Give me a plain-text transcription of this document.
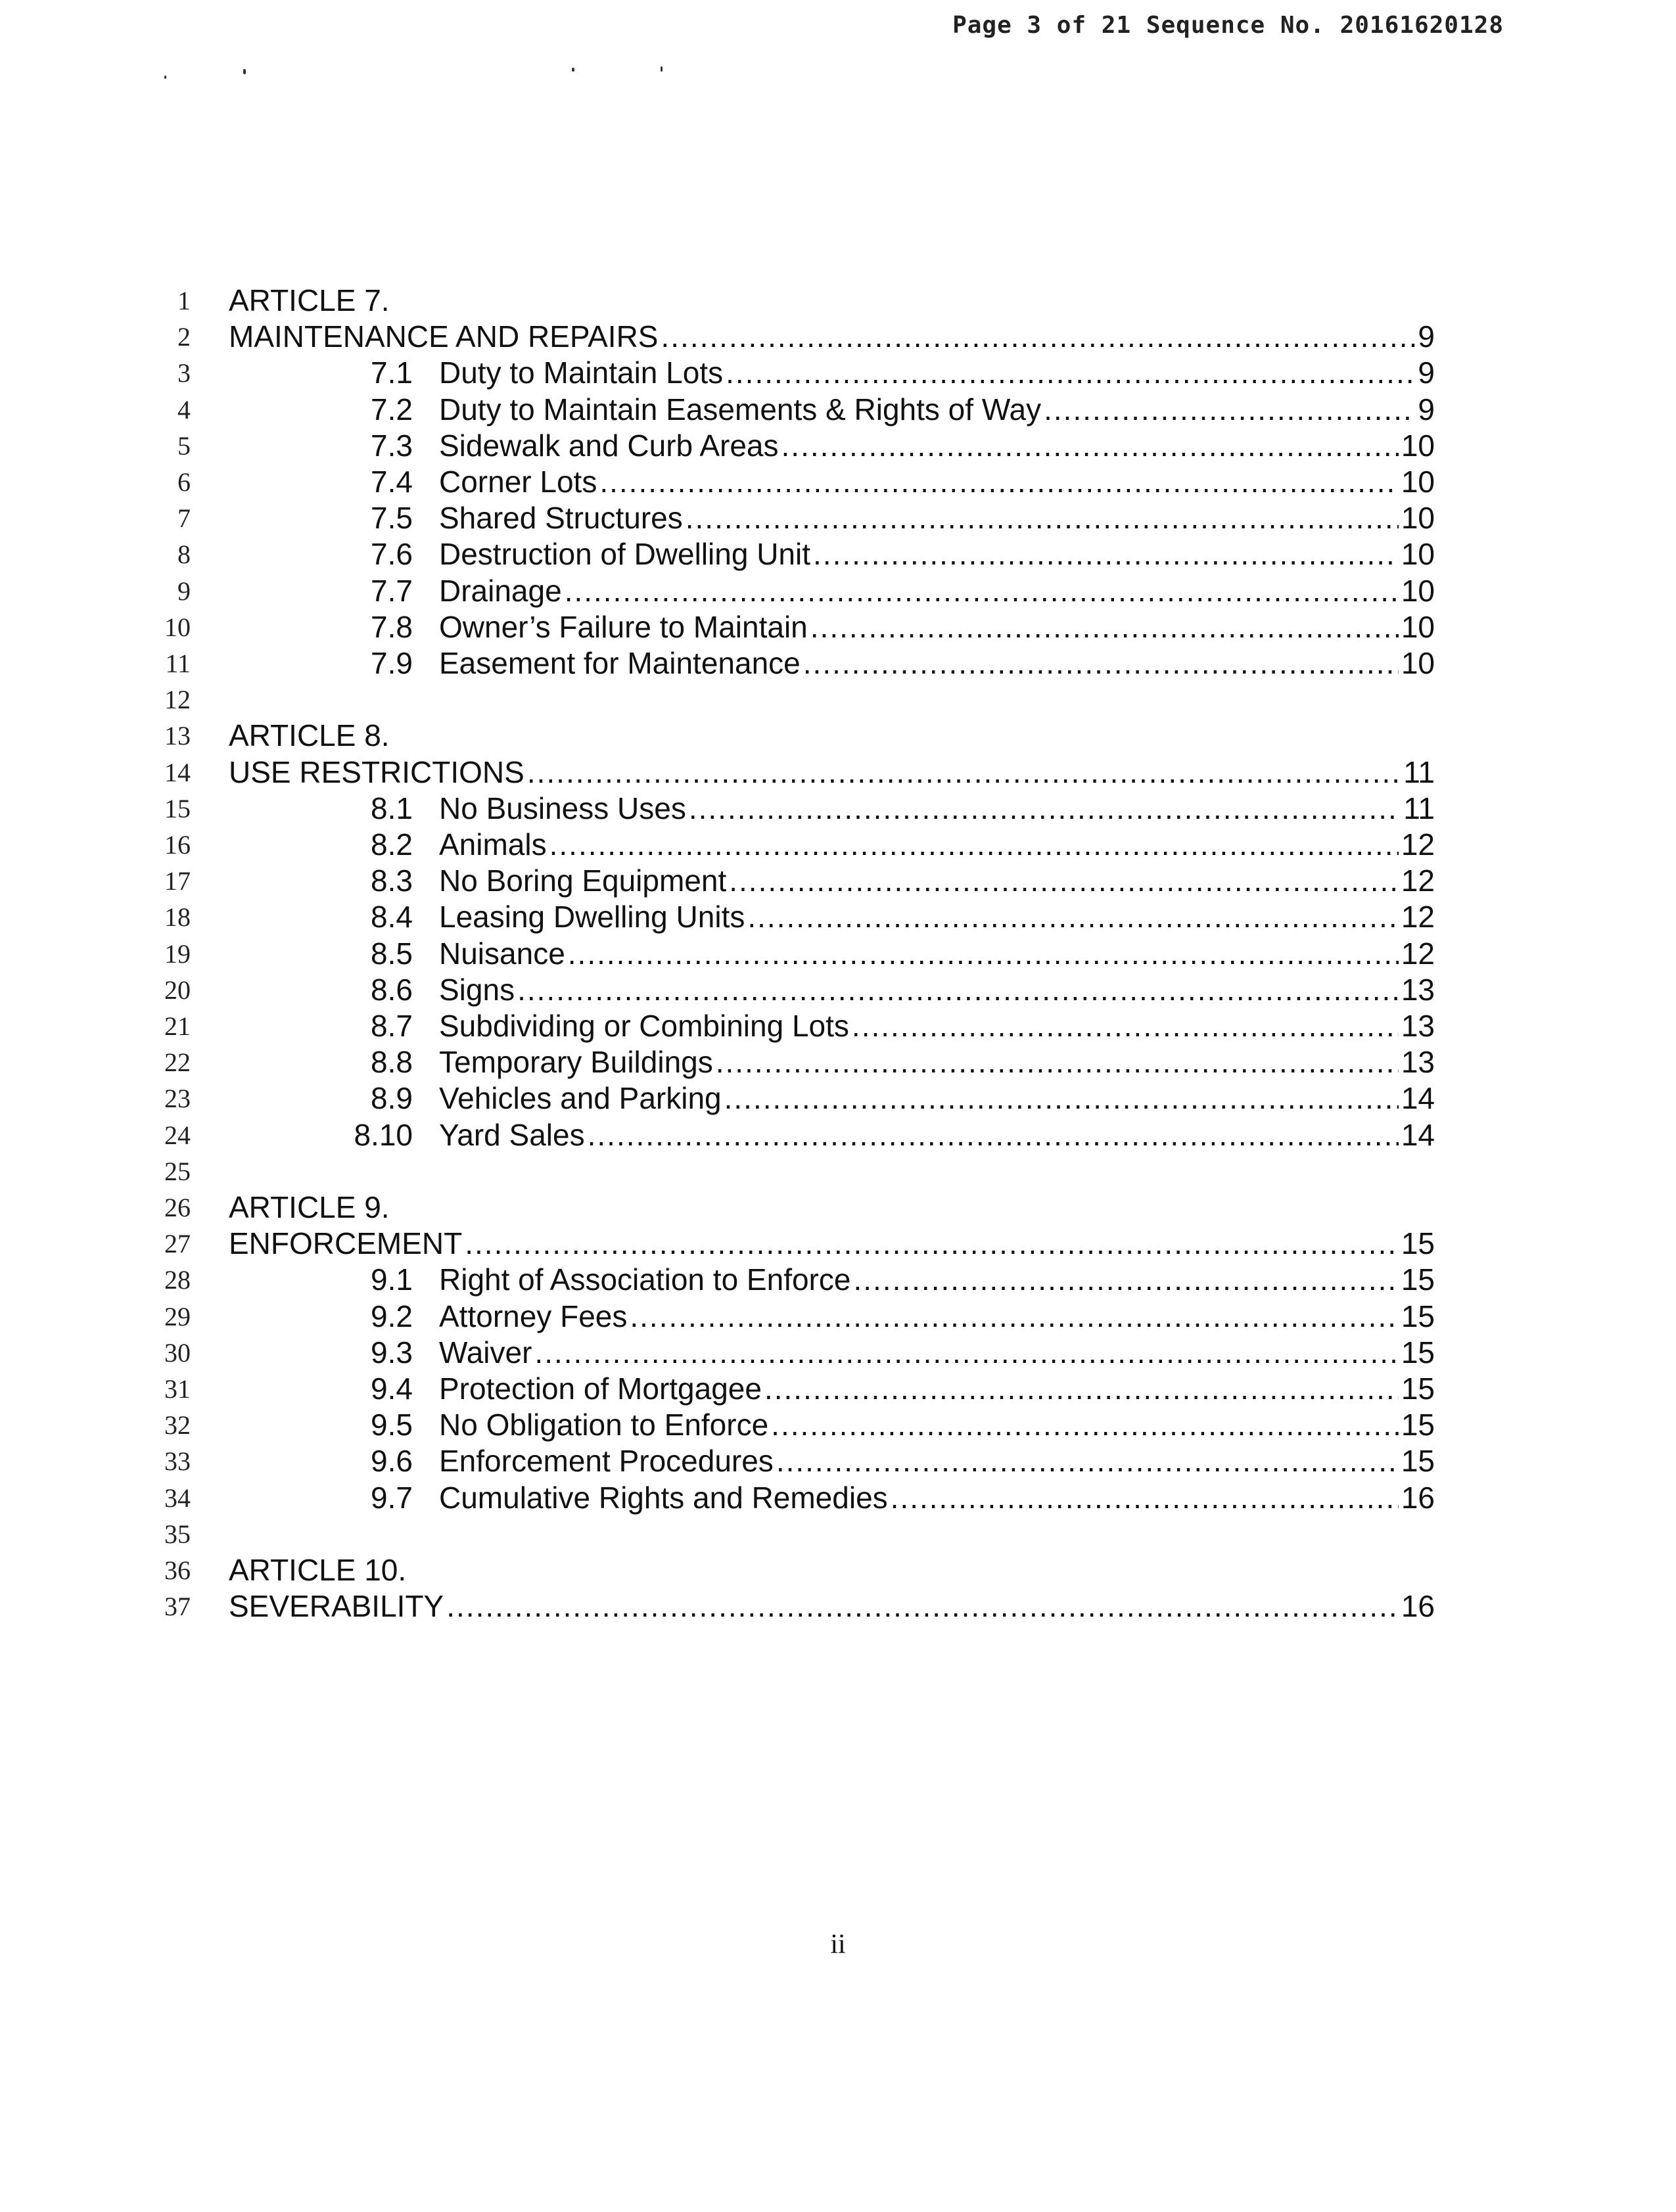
Page 3 of 21 Sequence No. 20161620128
1 ARTICLE 7.
2 MAINTENANCE AND REPAIRS .....	9
3	7.1 Duty to Maintain Lots .....	9
4	7.2 Duty to Maintain Easements & Rights of Way .....	9
5	7.3 Sidewalk and Curb Areas .....	10
6	7.4 Corner Lots .....	10
7	7.5 Shared Structures .....	10
8	7.6 Destruction of Dwelling Unit .....	10
9	7.7 Drainage .....	10
10	7.8 Owner’s Failure to Maintain .....	10
11	7.9 Easement for Maintenance .....	10
12
13 ARTICLE 8.
14 USE RESTRICTIONS .....	11
15	8.1 No Business Uses .....	11
16	8.2 Animals .....	12
17	8.3 No Boring Equipment .....	12
18	8.4 Leasing Dwelling Units .....	12
19	8.5 Nuisance .....	12
20	8.6 Signs .....	13
21	8.7 Subdividing or Combining Lots .....	13
22	8.8 Temporary Buildings .....	13
23	8.9 Vehicles and Parking .....	14
24	8.10 Yard Sales .....	14
25
26 ARTICLE 9.
27 ENFORCEMENT .....	15
28	9.1 Right of Association to Enforce .....	15
29	9.2 Attorney Fees .....	15
30	9.3 Waiver .....	15
31	9.4 Protection of Mortgagee .....	15
32	9.5 No Obligation to Enforce .....	15
33	9.6 Enforcement Procedures .....	15
34	9.7 Cumulative Rights and Remedies .....	16
35
36 ARTICLE 10.
37 SEVERABILITY .....	16
ii
